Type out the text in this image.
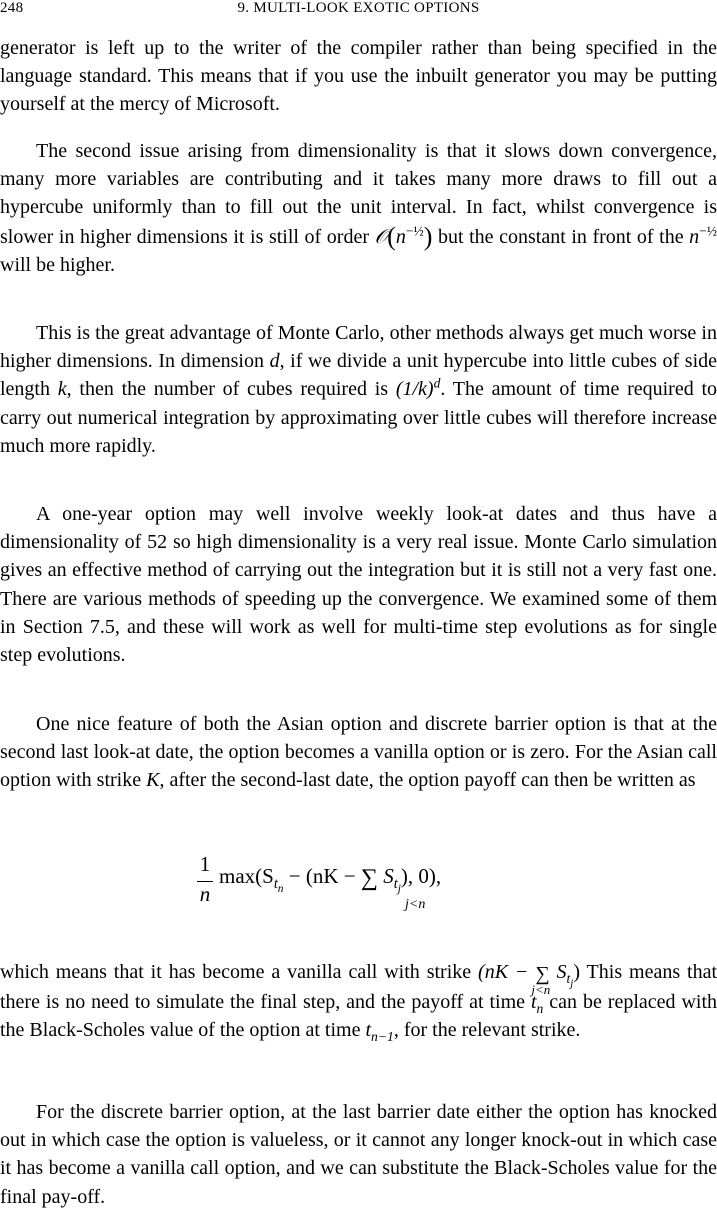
248	9. MULTI-LOOK EXOTIC OPTIONS

generator is left up to the writer of the compiler rather than being specified in the language standard. This means that if you use the inbuilt generator you may be putting yourself at the mercy of Microsoft.

The second issue arising from dimensionality is that it slows down convergence, many more variables are contributing and it takes many more draws to fill out a hypercube uniformly than to fill out the unit interval. In fact, whilst convergence is slower in higher dimensions it is still of order $𝒪(n^{-\frac{1}{2}})$ but the constant in front of the $n^{-\frac{1}{2}}$ will be higher.

This is the great advantage of Monte Carlo, other methods always get much worse in higher dimensions. In dimension d, if we divide a unit hypercube into little cubes of side length k, then the number of cubes required is $(1/k)^d$. The amount of time required to carry out numerical integration by approximating over little cubes will therefore increase much more rapidly.

A one-year option may well involve weekly look-at dates and thus have a dimensionality of 52 so high dimensionality is a very real issue. Monte Carlo simulation gives an effective method of carrying out the integration but it is still not a very fast one. There are various methods of speeding up the convergence. We examined some of them in Section 7.5, and these will work as well for multi-time step evolutions as for single step evolutions.

One nice feature of both the Asian option and discrete barrier option is that at the second last look-at date, the option becomes a vanilla option or is zero. For the Asian call option with strike K, after the second-last date, the option payoff can then be written as

1
n
$\max(S_{t_n} - (nK$ − ∑ $S_{t_j}$), 0),
j<n

which means that it has become a vanilla call with strike (nK − ∑
j<n
$S_{t_j}$) This means that there is no need to simulate the final step, and the payoff at time $t_n$ can be replaced with the Black-Scholes value of the option at time $t_{n-1}$, for the relevant strike.

For the discrete barrier option, at the last barrier date either the option has knocked out in which case the option is valueless, or it cannot any longer knock-out in which case it has become a vanilla call option, and we can substitute the Black-Scholes value for the final pay-off.
